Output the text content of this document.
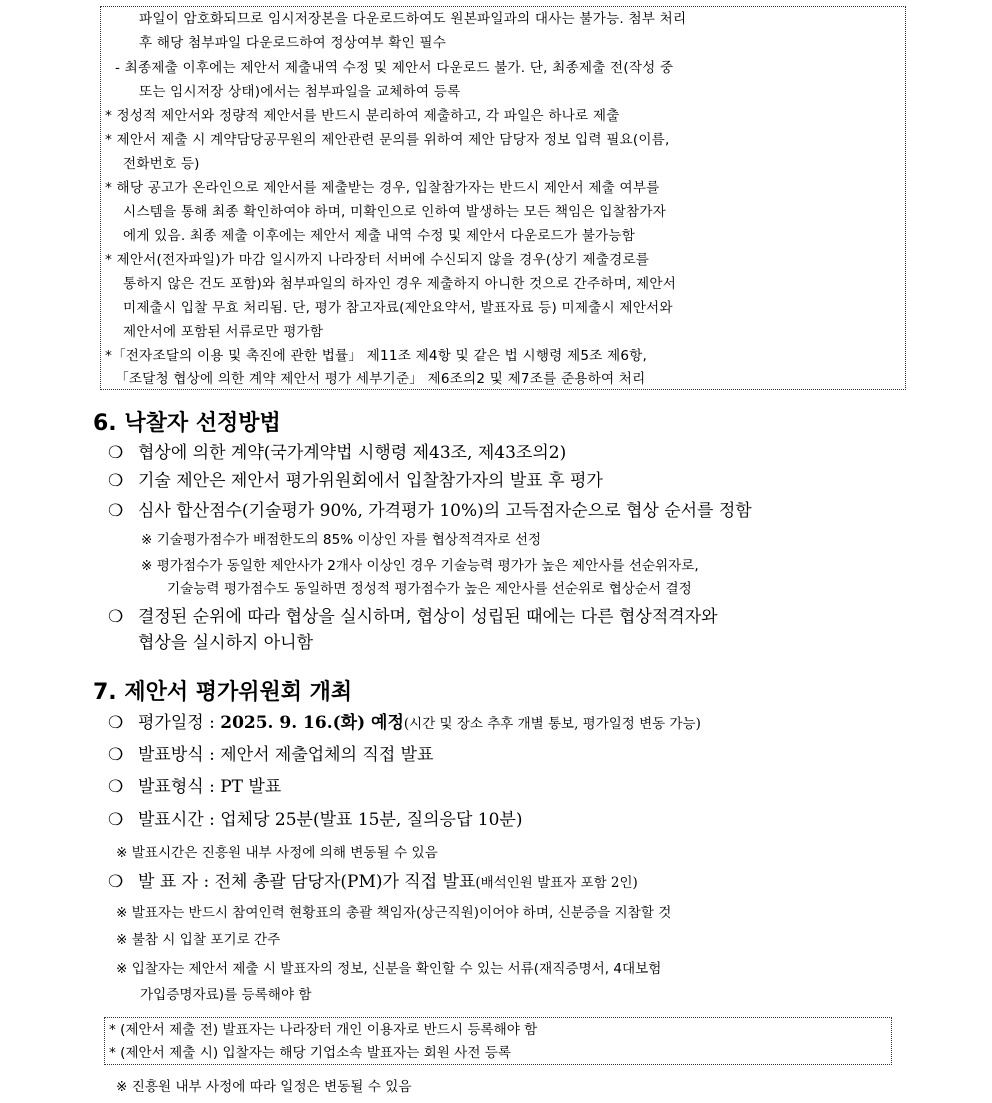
파일이 암호화되므로 임시저장본을 다운로드하여도 원본파일과의 대사는 불가능. 첨부 처리
후 해당 첨부파일 다운로드하여 정상여부 확인 필수
- 최종제출 이후에는 제안서 제출내역 수정 및 제안서 다운로드 불가. 단, 최종제출 전(작성 중
또는 임시저장 상태)에서는 첨부파일을 교체하여 등록
* 정성적 제안서와 정량적 제안서를 반드시 분리하여 제출하고, 각 파일은 하나로 제출
* 제안서 제출 시 계약담당공무원의 제안관련 문의를 위하여 제안 담당자 정보 입력 필요(이름,
전화번호 등)
* 해당 공고가 온라인으로 제안서를 제출받는 경우, 입찰참가자는 반드시 제안서 제출 여부를
시스템을 통해 최종 확인하여야 하며, 미확인으로 인하여 발생하는 모든 책임은 입찰참가자
에게 있음. 최종 제출 이후에는 제안서 제출 내역 수정 및 제안서 다운로드가 불가능함
* 제안서(전자파일)가 마감 일시까지 나라장터 서버에 수신되지 않을 경우(상기 제출경로를
통하지 않은 건도 포함)와 첨부파일의 하자인 경우 제출하지 아니한 것으로 간주하며, 제안서
미제출시 입찰 무효 처리됨. 단, 평가 참고자료(제안요약서, 발표자료 등) 미제출시 제안서와
제안서에 포함된 서류로만 평가함
*「전자조달의 이용 및 촉진에 관한 법률」 제11조 제4항 및 같은 법 시행령 제5조 제6항,
「조달청 협상에 의한 계약 제안서 평가 세부기준」 제6조의2 및 제7조를 준용하여 처리
6. 낙찰자 선정방법
❍ 협상에 의한 계약(국가계약법 시행령 제43조, 제43조의2)
❍ 기술 제안은 제안서 평가위원회에서 입찰참가자의 발표 후 평가
❍ 심사 합산점수(기술평가 90%, 가격평가 10%)의 고득점자순으로 협상 순서를 정함
※ 기술평가점수가 배점한도의 85% 이상인 자를 협상적격자로 선정
※ 평가점수가 동일한 제안사가 2개사 이상인 경우 기술능력 평가가 높은 제안사를 선순위자로,
기술능력 평가점수도 동일하면 정성적 평가점수가 높은 제안사를 선순위로 협상순서 결정
❍ 결정된 순위에 따라 협상을 실시하며, 협상이 성립된 때에는 다른 협상적격자와
협상을 실시하지 아니함
7. 제안서 평가위원회 개최
❍ 평가일정 : 2025. 9. 16.(화) 예정(시간 및 장소 추후 개별 통보, 평가일정 변동 가능)
❍ 발표방식 : 제안서 제출업체의 직접 발표
❍ 발표형식 : PT 발표
❍ 발표시간 : 업체당 25분(발표 15분, 질의응답 10분)
※ 발표시간은 진흥원 내부 사정에 의해 변동될 수 있음
❍ 발 표 자 : 전체 총괄 담당자(PM)가 직접 발표(배석인원 발표자 포함 2인)
※ 발표자는 반드시 참여인력 현황표의 총괄 책임자(상근직원)이어야 하며, 신분증을 지참할 것
※ 불참 시 입찰 포기로 간주
※ 입찰자는 제안서 제출 시 발표자의 정보, 신분을 확인할 수 있는 서류(재직증명서, 4대보험
가입증명자료)를 등록해야 함
* (제안서 제출 전) 발표자는 나라장터 개인 이용자로 반드시 등록해야 함
* (제안서 제출 시) 입찰자는 해당 기업소속 발표자는 회원 사전 등록
※ 진흥원 내부 사정에 따라 일정은 변동될 수 있음
